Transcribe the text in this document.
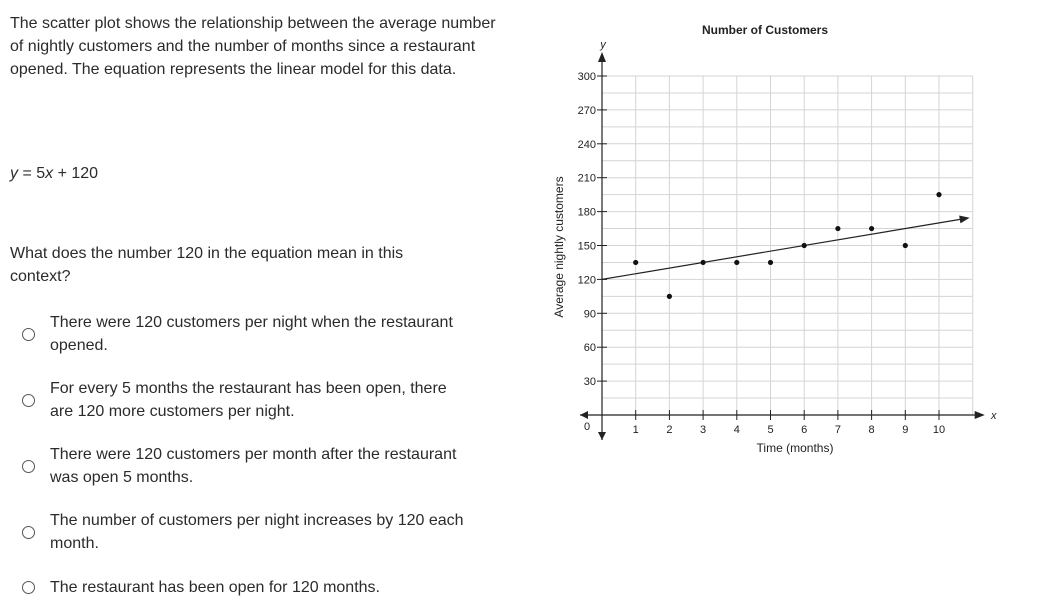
The scatter plot shows the relationship between the average number of nightly customers and the number of months since a restaurant opened. The equation represents the linear model for this data.

y = 5x + 120

What does the number 120 in the equation mean in this context?

There were 120 customers per night when the restaurant opened.
For every 5 months the restaurant has been open, there are 120 more customers per night.
There were 120 customers per month after the restaurant was open 5 months.
The number of customers per night increases by 120 each month.
The restaurant has been open for 120 months.
Number of Customers
Time (months)
Average nightly customers
y
x
0	1	2	3	4	5	6	7	8	9 10
30
60
90
120
150
180
210
240
270
300
